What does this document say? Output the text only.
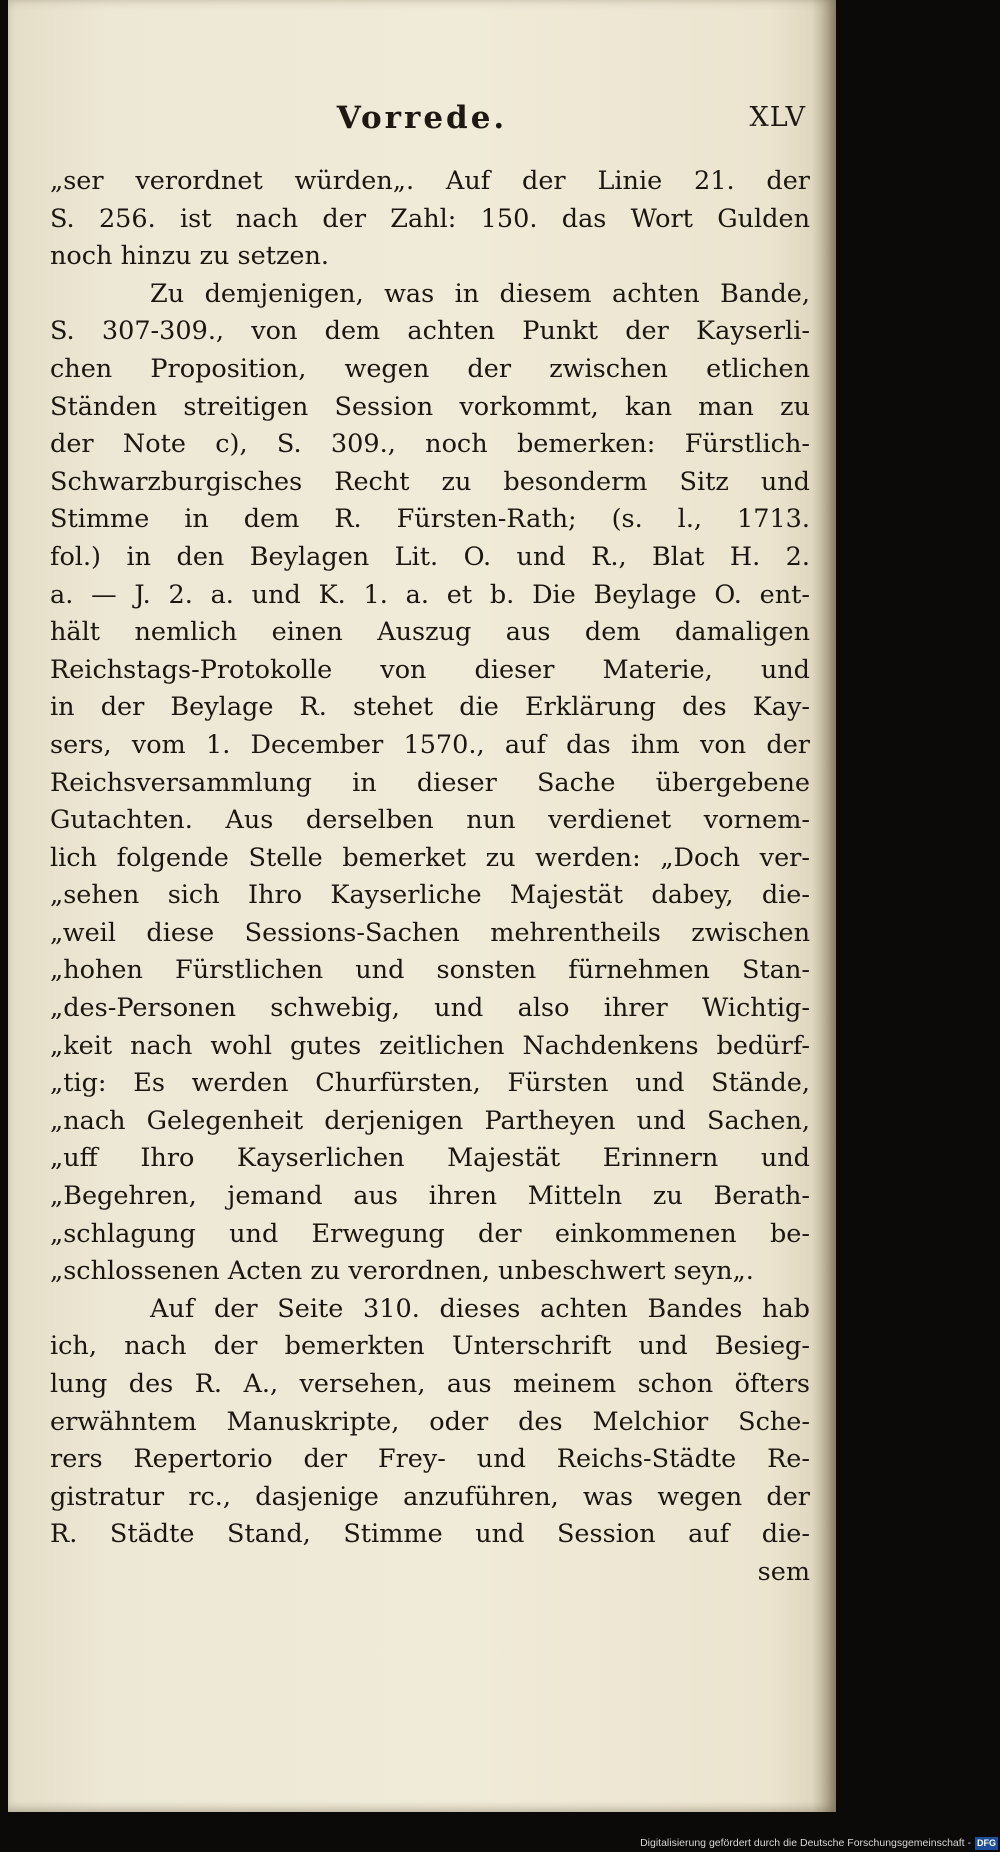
Vorrede.	XLV
„ser verordnet würden„. Auf der Linie 21. der
S. 256. ist nach der Zahl: 150. das Wort Gulden
noch hinzu zu setzen.
Zu demjenigen, was in diesem achten Bande,
S. 307-309., von dem achten Punkt der Kayserli-
chen Proposition, wegen der zwischen etlichen
Ständen streitigen Session vorkommt, kan man zu
der Note c), S. 309., noch bemerken: Fürstlich-
Schwarzburgisches Recht zu besonderm Sitz und
Stimme in dem R. Fürsten-Rath; (s. l., 1713.
fol.) in den Beylagen Lit. O. und R., Blat H. 2.
a. — J. 2. a. und K. 1. a. et b. Die Beylage O. ent-
hält nemlich einen Auszug aus dem damaligen
Reichstags-Protokolle von dieser Materie, und
in der Beylage R. stehet die Erklärung des Kay-
sers, vom 1. December 1570., auf das ihm von der
Reichsversammlung in dieser Sache übergebene
Gutachten. Aus derselben nun verdienet vornem-
lich folgende Stelle bemerket zu werden: „Doch ver-
„sehen sich Ihro Kayserliche Majestät dabey, die-
„weil diese Sessions-Sachen mehrentheils zwischen
„hohen Fürstlichen und sonsten fürnehmen Stan-
„des-Personen schwebig, und also ihrer Wichtig-
„keit nach wohl gutes zeitlichen Nachdenkens bedürf-
„tig: Es werden Churfürsten, Fürsten und Stände,
„nach Gelegenheit derjenigen Partheyen und Sachen,
„uff Ihro Kayserlichen Majestät Erinnern und
„Begehren, jemand aus ihren Mitteln zu Berath-
„schlagung und Erwegung der einkommenen be-
„schlossenen Acten zu verordnen, unbeschwert seyn„.
Auf der Seite 310. dieses achten Bandes hab
ich, nach der bemerkten Unterschrift und Besieg-
lung des R. A., versehen, aus meinem schon öfters
erwähntem Manuskripte, oder des Melchior Sche-
rers Repertorio der Frey- und Reichs-Städte Re-
gistratur rc., dasjenige anzuführen, was wegen der
R. Städte Stand, Stimme und Session auf die-
sem
Digitalisierung gefördert durch die Deutsche Forschungsgemeinschaft - DFG
